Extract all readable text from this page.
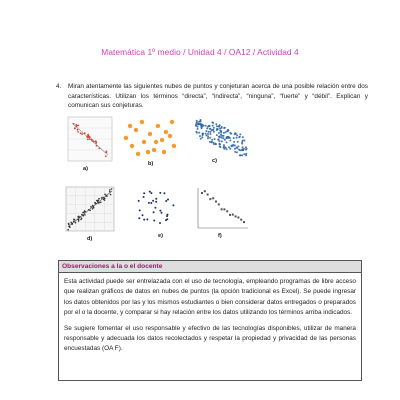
Matemática 1º medio / Unidad 4 / OA12 / Actividad 4
4. Miran atentamente las siguientes nubes de puntos y conjeturan acerca de una posible relación entre dos características. Utilizan los términos “directa”, “indirecta”, “ninguna”, “fuerte” y “débil”. Explican y comunican sus conjeturas.
a)
b)	c)
d)	e)	f)
Observaciones a la o el docente

Esta actividad puede ser entrelazada con el uso de tecnología, empleando programas de libre acceso que realizan gráficos de datos en nubes de puntos (la opción tradicional es Excel). Se puede ingresar los datos obtenidos por las y los mismos estudiantes o bien considerar datos entregados o preparados por el o la docente, y comparar si hay relación entre los datos utilizando los términos arriba indicados.

Se sugiere fomentar el uso responsable y efectivo de las tecnologías disponibles, utilizar de manera responsable y adecuada los datos recolectados y respetar la propiedad y privacidad de las personas encuestadas (OA F).
